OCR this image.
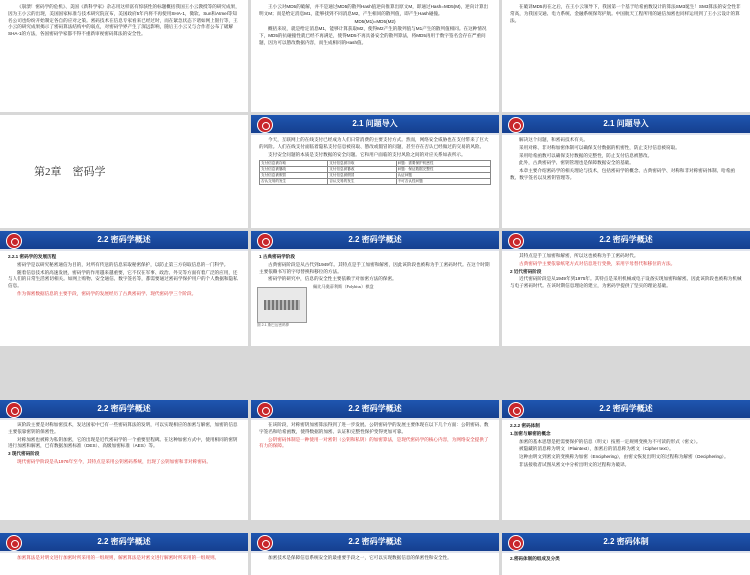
《崩溃！密码学的危机》、美国《新科学家》杂志用这样富有惊骇性的标题概括我国王小云教授等的研究成果，因为王小云的出现，美国国家标准与技术研究院宣布，美国政府5年内将不再使用SHA-1，微软、Sun和Atmel等知名公司也纷纷开始制定各自的应对之策。密码技术在信息专家看来已经过时，而在紧急状态下诸如网上银行等，王小云的研究成果揭示了密码算法结构中的弱点，对密码学界产生了深远影响，随后王小云又与合作者公布了破解SHA-1的方法，各国密码学家都不得不重新审视密码算法的安全性。

王小云对MD5的破解，并不是通过MD5的散列Hash值逆向推算出原文M，即通过Hash=MD5(M)，逆向计算出明文M；而是给定消息M1，能够找到不同消息M2，产生相同的散列值，即产生Hash碰撞。

MD5(M1)=MD5(M2)

概括来说，就是给定消息M1，能够计算获取M2，使得M2产生的散列值与M1产生的散列值相同。在这种情况下，MD5的抗碰撞性就已经不再满足，使得MD5不再具备安全的散列算法，将MD5再用于数字签名会存在严重问题，因为可以篡改数据内容，而生成相同的Hash值。

在破译MD5再在之后，在王小云领导下，我国第一个基于哈希函数设计的算法SM3诞生！SM3算法的安全性非常高，为我国交通、电力系统、金融系统保驾护航。中国航天工程所用的通信加密也同样运用到了王小云设计的算法。

第2章　密码学
2.1 问题导入

今天，互联网上的在线支付已经成为人们日常消费的主要支付方式。然而，网络安全威胁也在支付带来了巨大的风险。人们在线支付面临着隐私支付信息被窃取、篡改或假冒的问题，甚至存在否认已经做过的交易的风险。

支付安全问题的本质是支付数据的安全问题。它和用户面临的支付风险之间的对应关系如表所示。

支付信息被窃取	支付信息被窃取	问题：需要保护机密性
支付信息被篡改	支付信息被篡改	问题：保证数据完整性
支付信息被假冒	支付信息被假冒	认证问题
否认交易的发生	否认交易的发生	不可否认性问题
2.1 问题导入

解决这个问题，和密码技术有关。

采用对称、非对称加密体制可以确保支付数据的机密性，防止支付信息被窃取。

采用哈希函数可以确保支付数据的完整性，防止支付信息被篡改。

此外，古典密码学、密钥管理也是保障数据安全的基础。

本章主要介绍密码学的相关理论与技术，包括密码学的概念、古典密码学、对称和非对称密码体制、哈希函数、数字签名以及密钥管理等。

2.2 密码学概述

2.2.1 密码学的发展历程

密码学是以研究秘密通信为目的，对所有传送的信息采取秘密保护，以防止第三方窃取信息的一门科学。

随着信息技术的高速发展，密码学的作用越来越重要，它不仅在军事、政治、外交等方面有着广泛的应用，还与人们的日常生活密切相关。如网上购物、安全通信、数字签名等，都需要通过密码学保护用户的个人数据和隐私信息。

作为保密数据信息的主要手段，密码学的发展经历了古典密码学、现代密码学三个阶段。

2.2 密码学概述

1 古典密码学阶段

古典密码阶段是从古代到1949年。其特点是手工加密和解密，因此该阶段也被称为手工密码时代。在这个时期主要依赖书写的字母替换和移位的方法。

密码学的研究中，信息的安全性主要依赖于对加密方法的保密。

佩比马奥蒂利斯（Polybius）棋盘
图 2.1 斯巴达密码棒
2.2 密码学概述

其特点是手工加密和解密，所以这也被称为手工密码时代。

古典密码学主要依靠纸笔方式对信息进行变换，采用字母替代和移位的方法。

2 近代密码阶段

近代密码阶段是从1949年到1975年。其特点是采用机械或电子设备实现加密和解密。因此该阶段也被称为机械与电子密码时代。在该时期信息理论的建立，为密码学提供了坚实的理论基础。

2.2 密码学概述

该阶段主要是对称加密技术，发达国家中已有一些密码算法的发明，可以实现相应的加密与解密，加密的信息主要依靠密钥的保密性。

对称加密也被称为私钥加密，它的出现是近代密码学的一个重要里程碑。在这种加密方式中，使用相同的密钥进行加密和解密，已有数据加密标准（DES）、高级加密标准（AES）等。

3 现代密码阶段

现代密码学阶段是从1976年至今，其特点是采用公钥密码系统，出现了公钥加密和非对称密码。

2.2 密码学概述

在该阶段，对称密钥加密算法得到了进一步发展。公钥密码学的发展主要体现在以下几个方面：公钥密码、数字签名和哈希函数，使得数据的加密、认证和完整性保护变得更加可靠。

公钥密码体制是一种使用一对密钥（公钥和私钥）的加密算法，是现代密码学的核心内容，为网络安全提供了有力的保障。

2.2 密码学概述

2.2.2 密码体制

1.加密与解密的概念

加密的基本思想是把需要保护的信息（明文）按照一定规则变换为不可读的形式（密文）。

被隐藏的消息称为明文（Plaintext），加密后的消息称为密文（Cipher text）。

这种由明文到密文的变换称为加密（Enciphering），由密文恢复出明文的过程称为解密（Deciphering）。

非法接收者试图从密文中分析出明文的过程称为破译。

2.2 密码学概述

加密算法是对明文进行加密时所采用的一组规则，解密算法是对密文进行解密时所采用的一组规则。

2.2 密码学概述

加密技术是保障信息系统安全的最重要手段之一，它可以实现数据信息的保密性和安全性。

2.2 密码体制

2.密码体制的组成及分类
